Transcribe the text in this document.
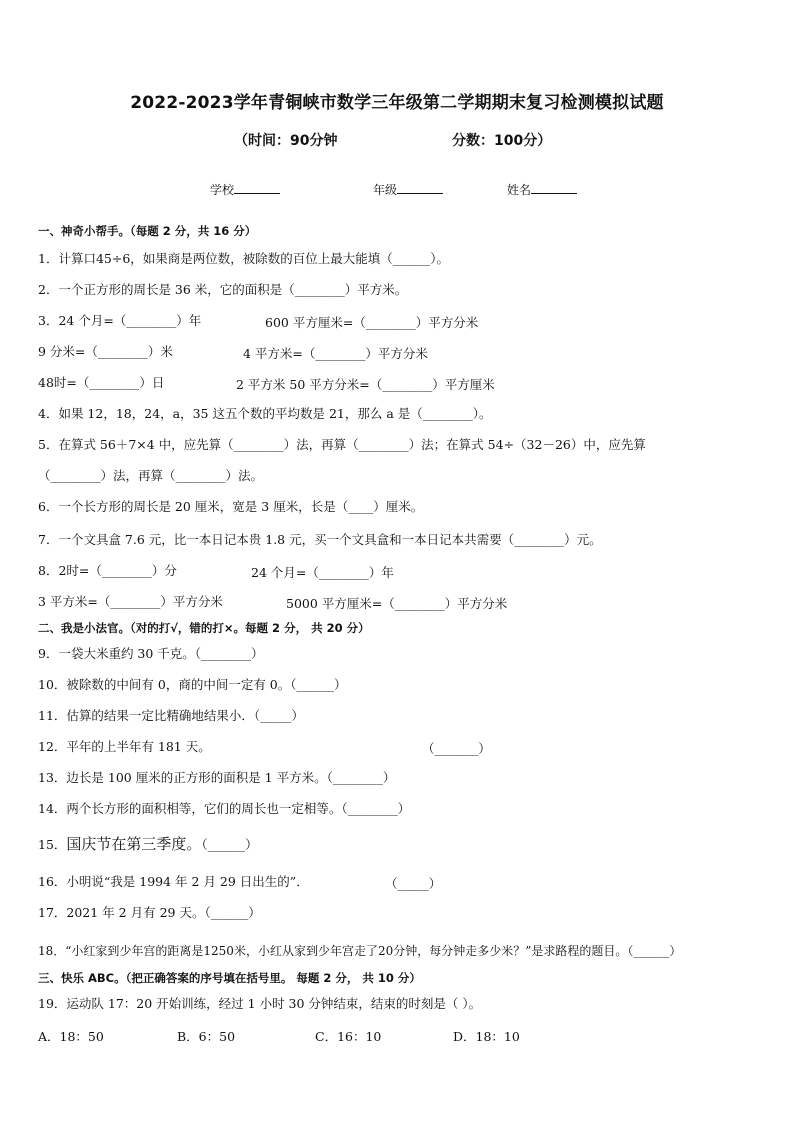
2022-2023学年青铜峡市数学三年级第二学期期末复习检测模拟试题
（时间：90分钟	分数：100分）
学校	年级	姓名
一、神奇小帮手。（每题 2 分，共 16 分）
1．计算口45÷6，如果商是两位数，被除数的百位上最大能填（______）。
2．一个正方形的周长是 36 米，它的面积是（________）平方米。
3．24 个月=（________）年	600 平方厘米=（________）平方分米
9 分米=（________）米	4 平方米=（________）平方分米
48时=（________）日	2 平方米 50 平方分米=（________）平方厘米
4．如果 12，18，24，a，35 这五个数的平均数是 21，那么 a 是（________）。
5．在算式 56＋7×4 中，应先算（________）法，再算（________）法；在算式 54÷（32－26）中，应先算
（________）法，再算（________）法。
6．一个长方形的周长是 20 厘米，宽是 3 厘米，长是（____）厘米。
7．一个文具盒 7.6 元，比一本日记本贵 1.8 元，买一个文具盒和一本日记本共需要（________）元。
8．2时=（________）分	24 个月=（________）年
3 平方米=（________）平方分米	5000 平方厘米=（________）平方分米
二、我是小法官。（对的打√，错的打×。每题 2 分， 共 20 分）
9．一袋大米重约 30 千克。（________）
10．被除数的中间有 0，商的中间一定有 0。（______）
11．估算的结果一定比精确地结果小．（_____）
12．平年的上半年有 181 天。	（_______）
13．边长是 100 厘米的正方形的面积是 1 平方米。（________）
14．两个长方形的面积相等，它们的周长也一定相等。（________）
15．国庆节在第三季度。（______）
16．小明说“我是 1994 年 2 月 29 日出生的”．	（_____）
17．2021 年 2 月有 29 天。（______）
18．“小红家到少年宫的距离是1250米，小红从家到少年宫走了20分钟，每分钟走多少米？”是求路程的题目。（______）
三、快乐 ABC。（把正确答案的序号填在括号里。 每题 2 分， 共 10 分）
19．运动队 17：20 开始训练，经过 1 小时 30 分钟结束，结束的时刻是（ ）。
A．18：50	B．6：50	C．16：10	D．18：10
